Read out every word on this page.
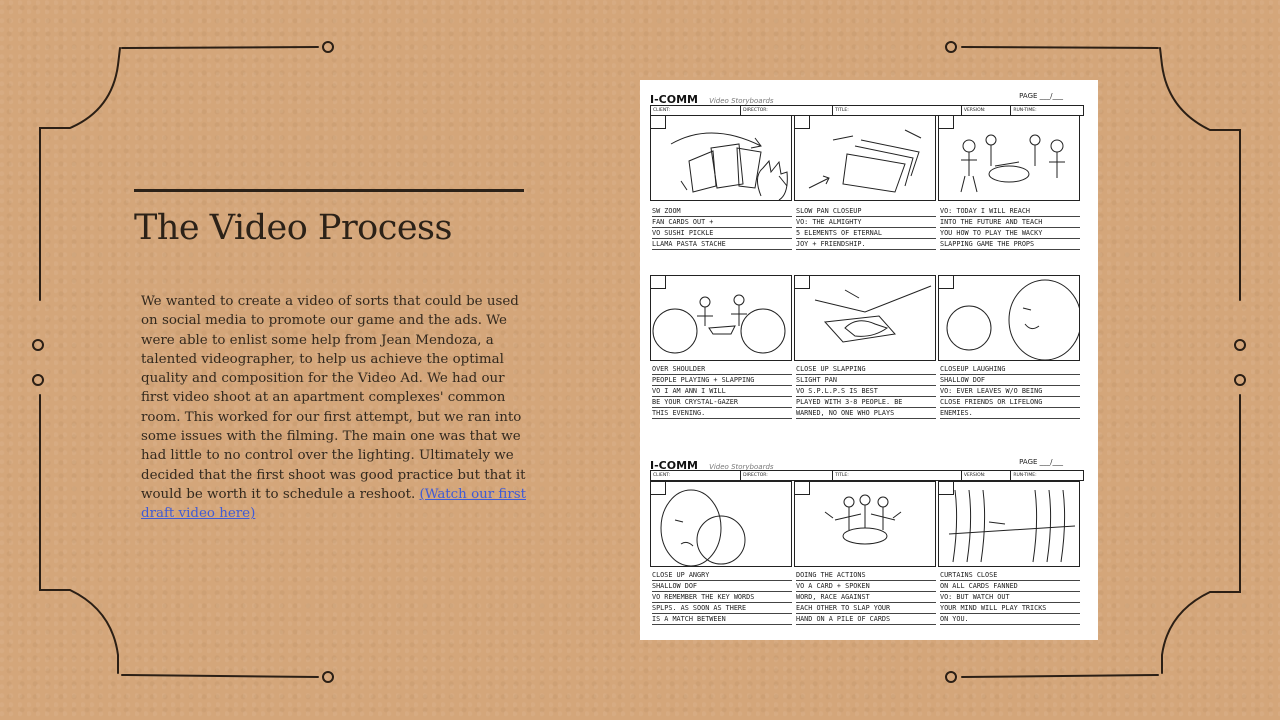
The Video Process
We wanted to create a video of sorts that could be used on social media to promote our game and the ads. We were able to enlist some help from Jean Mendoza, a talented videographer, to help us achieve the optimal quality and composition for the Video Ad. We had our first video shoot at an apartment complexes' common room. This worked for our first attempt, but we ran into some issues with the filming. The main one was that we had little to no control over the lighting. Ultimately we decided that the first shoot was good practice but that it would be worth it to schedule a reshoot. (Watch our first draft video here)
I-COMM Video Storyboards
PAGE ___/___
CLIENT:	DIRECTOR:	TITLE:	VERSION:	RUN-TIME:
SW ZOOM
FAN CARDS OUT +
VO SUSHI PICKLE
LLAMA PASTA STACHE
SLOW PAN CLOSEUP
VO: THE ALMIGHTY
5 ELEMENTS OF ETERNAL
JOY + FRIENDSHIP.
VO: TODAY I WILL REACH
INTO THE FUTURE AND TEACH
YOU HOW TO PLAY THE WACKY
SLAPPING GAME THE PROPS
OVER SHOULDER
PEOPLE PLAYING + SLAPPING
VO I AM ANN I WILL
BE YOUR CRYSTAL-GAZER
THIS EVENING.
CLOSE UP SLAPPING
SLIGHT PAN
VO S.P.L.P.S IS BEST
PLAYED WITH 3-8 PEOPLE. BE
WARNED, NO ONE WHO PLAYS
CLOSEUP LAUGHING
SHALLOW DOF
VO: EVER LEAVES W/O BEING
CLOSE FRIENDS OR LIFELONG
ENEMIES.
I-COMM Video Storyboards
PAGE ___/___
CLIENT:	DIRECTOR:	TITLE:	VERSION:	RUN-TIME:
CLOSE UP ANGRY
SHALLOW DOF
VO REMEMBER THE KEY WORDS
SPLPS. AS SOON AS THERE
IS A MATCH BETWEEN
DOING THE ACTIONS
VO A CARD + SPOKEN
WORD, RACE AGAINST
EACH OTHER TO SLAP YOUR
HAND ON A PILE OF CARDS
CURTAINS CLOSE
ON ALL CARDS FANNED
VO: BUT WATCH OUT
YOUR MIND WILL PLAY TRICKS
ON YOU.
